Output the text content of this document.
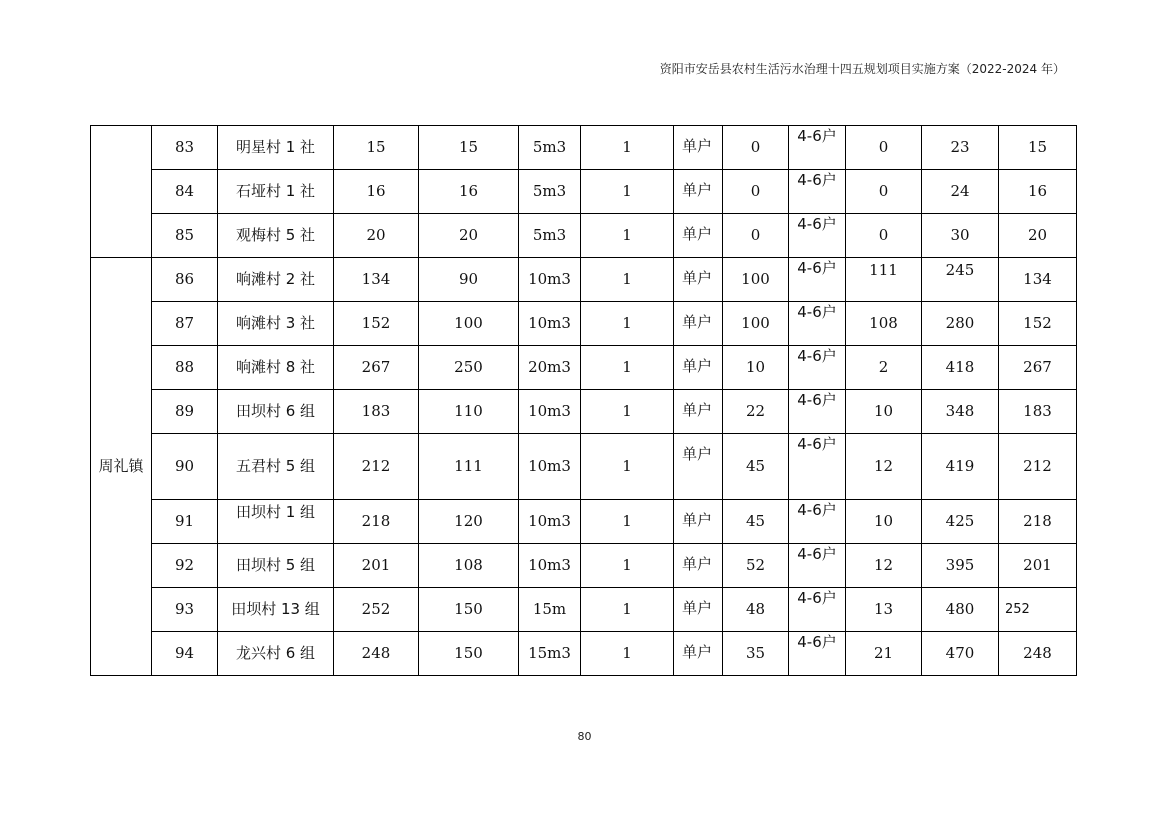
资阳市安岳县农村生活污水治理十四五规划项目实施方案（2022-2024 年）
	83	明星村 1 社	15	15	5m3	1	单户	0	4-6户	0	23	15
	84	石垭村 1 社	16	16	5m3	1	单户	0	4-6户	0	24	16
	85	观梅村 5 社	20	20	5m3	1	单户	0	4-6户	0	30	20
周礼镇	86	响滩村 2 社	134	90	10m3	1	单户	100	4-6户	111	245	134
	87	响滩村 3 社	152	100	10m3	1	单户	100	4-6户	108	280	152
	88	响滩村 8 社	267	250	20m3	1	单户	10	4-6户	2	418	267
	89	田坝村 6 组	183	110	10m3	1	单户	22	4-6户	10	348	183
	90	五君村 5 组	212	111	10m3	1	单户	45	4-6户	12	419	212
	91	田坝村 1 组	218	120	10m3	1	单户	45	4-6户	10	425	218
	92	田坝村 5 组	201	108	10m3	1	单户	52	4-6户	12	395	201
	93	田坝村 13 组	252	150	15m	1	单户	48	4-6户	13	480	252
	94	龙兴村 6 组	248	150	15m3	1	单户	35	4-6户	21	470	248
80
